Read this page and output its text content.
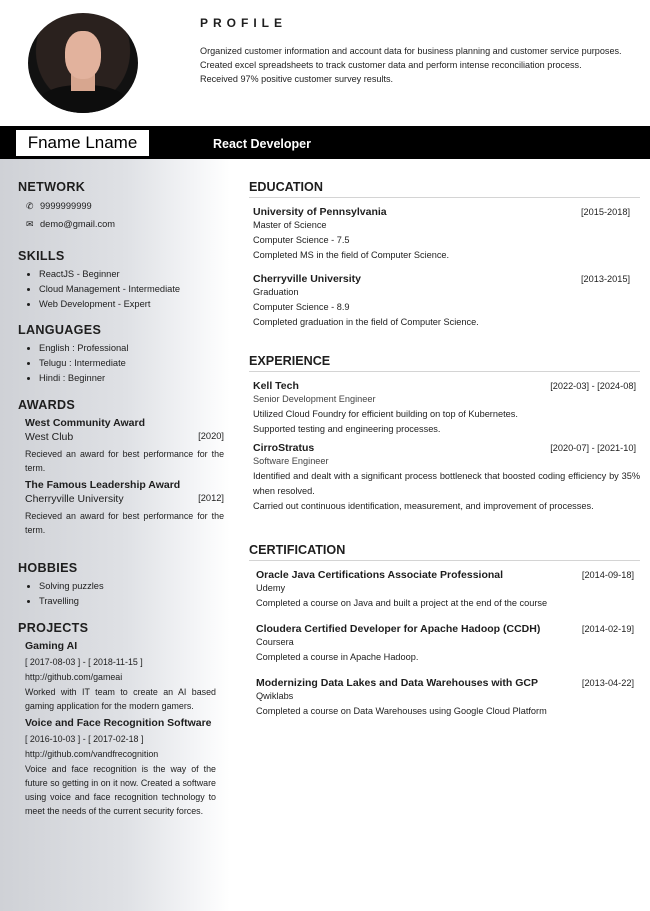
PROFILE
Organized customer information and account data for business planning and customer service purposes.
Created excel spreadsheets to track customer data and perform intense reconciliation process.
Received 97% positive customer survey results.
Fname Lname	React Developer
NETWORK
✆ 9999999999
✉ demo@gmail.com
SKILLS
• ReactJS - Beginner
• Cloud Management - Intermediate
• Web Development - Expert
LANGUAGES
• English : Professional
• Telugu : Intermediate
• Hindi : Beginner
AWARDS
West Community Award
West Club	[2020]
Recieved an award for best performance for the term.
The Famous Leadership Award
Cherryville University	[2012]
Recieved an award for best performance for the term.
HOBBIES
• Solving puzzles
• Travelling
PROJECTS
Gaming AI
[ 2017-08-03 ] - [ 2018-11-15 ]
http://github.com/gameai
Worked with IT team to create an AI based gaming application for the modern gamers.
Voice and Face Recognition Software
[ 2016-10-03 ] - [ 2017-02-18 ]
http://github.com/vandfrecognition
Voice and face recognition is the way of the future so getting in on it now. Created a software using voice and face recognition technology to meet the needs of the current security forces.
EDUCATION
University of Pennsylvania	[2015-2018]
Master of Science
Computer Science - 7.5
Completed MS in the field of Computer Science.
Cherryville University	[2013-2015]
Graduation
Computer Science - 8.9
Completed graduation in the field of Computer Science.
EXPERIENCE
Kell Tech	[2022-03] - [2024-08]
Senior Development Engineer
Utilized Cloud Foundry for efficient building on top of Kubernetes.
Supported testing and engineering processes.
CirroStratus	[2020-07] - [2021-10]
Software Engineer
Identified and dealt with a significant process bottleneck that boosted coding efficiency by 35% when resolved.
Carried out continuous identification, measurement, and improvement of processes.
CERTIFICATION
Oracle Java Certifications Associate Professional	[2014-09-18]
Udemy
Completed a course on Java and built a project at the end of the course
Cloudera Certified Developer for Apache Hadoop (CCDH)	[2014-02-19]
Coursera
Completed a course in Apache Hadoop.
Modernizing Data Lakes and Data Warehouses with GCP	[2013-04-22]
Qwiklabs
Completed a course on Data Warehouses using Google Cloud Platform
